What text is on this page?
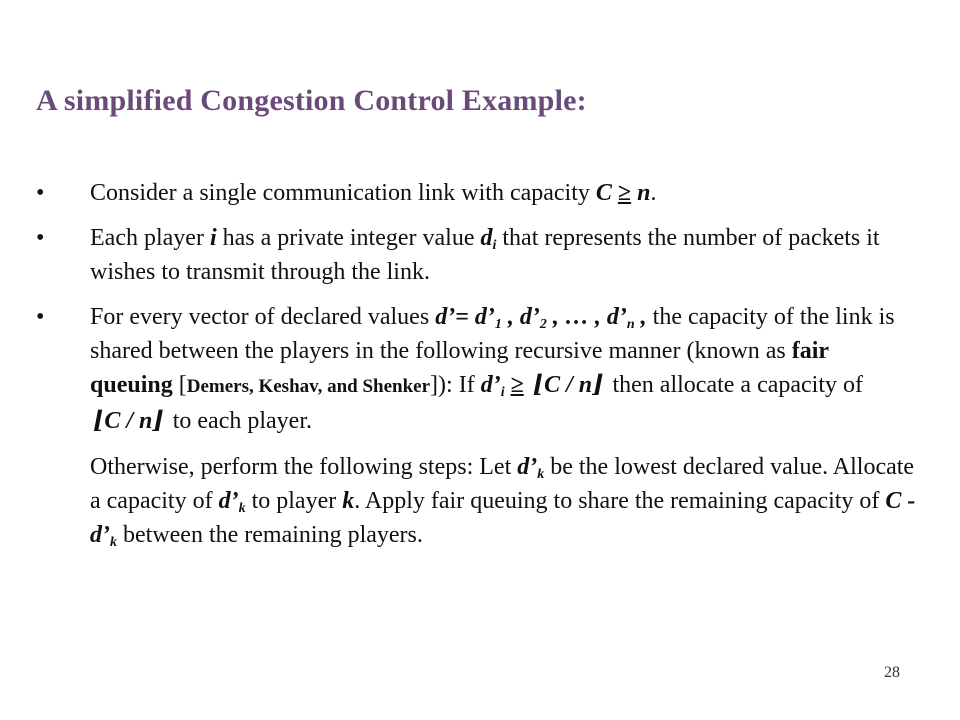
A simplified Congestion Control Example:
•	Consider a single communication link with capacity C ≥ n.
•	Each player i has a private integer value $d_i$ that represents the number of packets it wishes to transmit through the link.
•	For every vector of declared values d’= $d’_1$ , $d’_2$ , … , $d’_n$ , the capacity of the link is shared between the players in the following recursive manner (known as fair queuing [Demers, Keshav, and Shenker]): If $d’_i$ ≥ ⌊C / n⌋ then allocate a capacity of ⌊C / n⌋ to each player.
Otherwise, perform the following steps: Let $d’_k$ be the lowest declared value. Allocate a capacity of $d’_k$ to player k. Apply fair queuing to share the remaining capacity of C - $d’_k$ between the remaining players.
28
